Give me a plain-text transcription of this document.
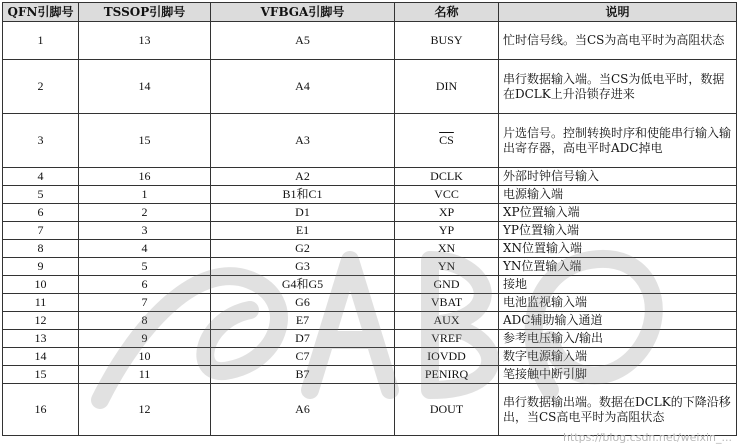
QFN引脚号	TSSOP引脚号	VFBGA引脚号	名称	说明
1	13	A5	BUSY	忙时信号线。当CS为高电平时为高阻状态
2	14	A4	DIN	串行数据输入端。当CS为低电平时，数据在DCLK上升沿锁存进来
3	15	A3	$\overline{CS}$	片选信号。控制转换时序和使能串行输入输出寄存器，高电平时ADC掉电
4	16	A2	DCLK	外部时钟信号输入
5	1	B1和C1	VCC	电源输入端
6	2	D1	XP	XP位置输入端
7	3	E1	YP	YP位置输入端
8	4	G2	XN	XN位置输入端
9	5	G3	YN	YN位置输入端
10	6	G4和G5	GND	接地
11	7	G6	VBAT	电池监视输入端
12	8	E7	AUX	ADC辅助输入通道
13	9	D7	VREF	参考电压输入/输出
14	10	C7	IOVDD	数字电源输入端
15	11	B7	PENIRQ	笔接触中断引脚
16	12	A6	DOUT	串行数据输出端。数据在DCLK的下降沿移出，当CS高电平时为高阻状态
https://blog.csdn.net/weixin_...
